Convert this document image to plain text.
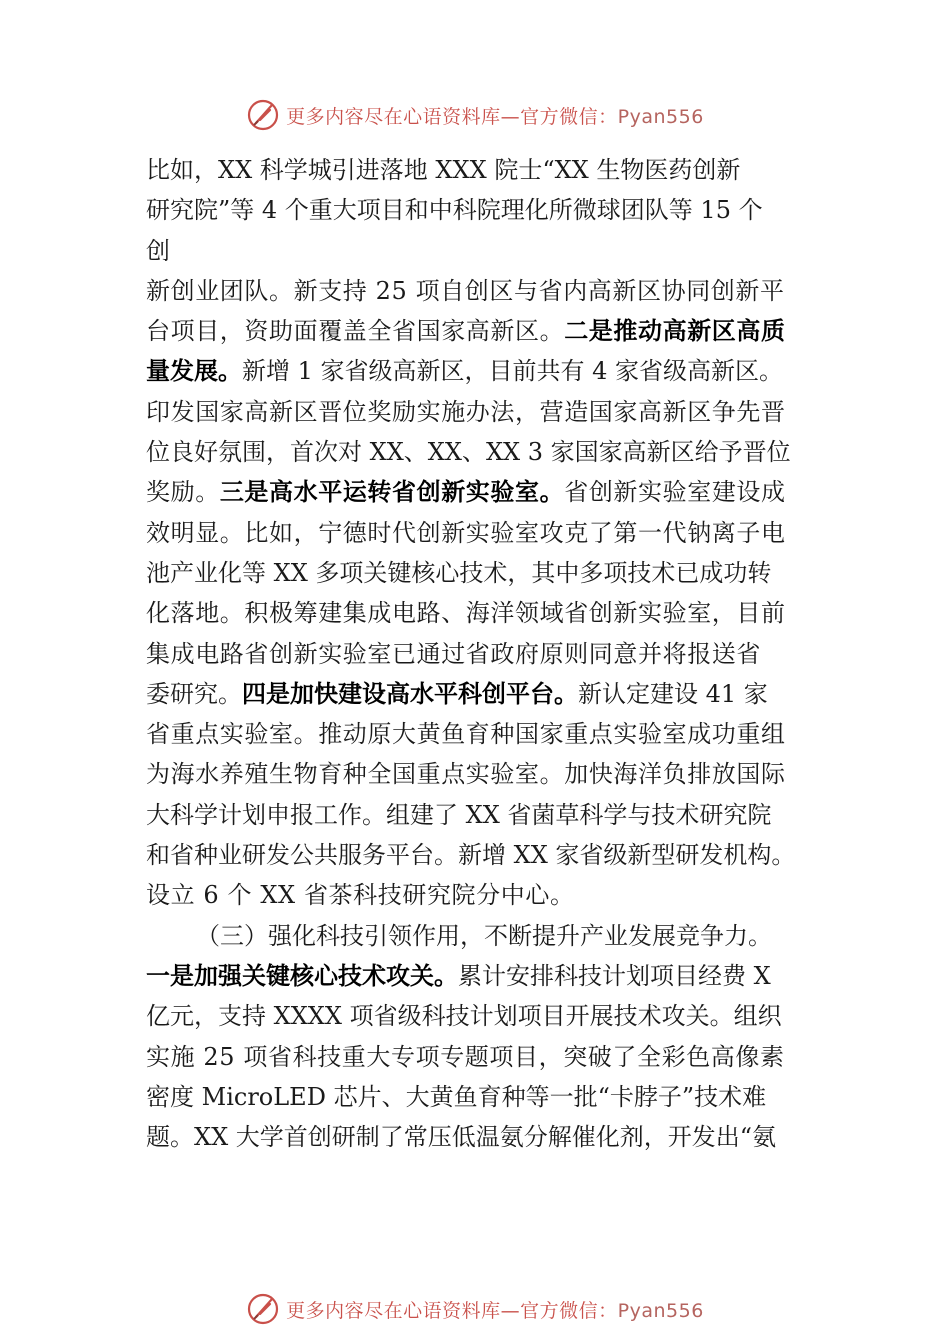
更多内容尽在心语资料库—官方微信：Pyan556
比如，XX 科学城引进落地 XXX 院士“XX 生物医药创新
研究院”等 4 个重大项目和中科院理化所微球团队等 15 个
创
新创业团队。新支持 25 项自创区与省内高新区协同创新平
台项目，资助面覆盖全省国家高新区。二是推动高新区高质
量发展。新增 1 家省级高新区，目前共有 4 家省级高新区。
印发国家高新区晋位奖励实施办法，营造国家高新区争先晋
位良好氛围，首次对 XX、XX、XX 3 家国家高新区给予晋位
奖励。三是高水平运转省创新实验室。省创新实验室建设成
效明显。比如，宁德时代创新实验室攻克了第一代钠离子电
池产业化等 XX 多项关键核心技术，其中多项技术已成功转
化落地。积极筹建集成电路、海洋领域省创新实验室，目前
集成电路省创新实验室已通过省政府原则同意并将报送省
委研究。四是加快建设高水平科创平台。新认定建设 41 家
省重点实验室。推动原大黄鱼育种国家重点实验室成功重组
为海水养殖生物育种全国重点实验室。加快海洋负排放国际
大科学计划申报工作。组建了 XX 省菌草科学与技术研究院
和省种业研发公共服务平台。新增 XX 家省级新型研发机构。
设立 6 个 XX 省茶科技研究院分中心。
（三）强化科技引领作用，不断提升产业发展竞争力。
一是加强关键核心技术攻关。累计安排科技计划项目经费 X
亿元，支持 XXXX 项省级科技计划项目开展技术攻关。组织
实施 25 项省科技重大专项专题项目，突破了全彩色高像素
密度 MicroLED 芯片、大黄鱼育种等一批“卡脖子”技术难
题。XX 大学首创研制了常压低温氨分解催化剂，开发出“氨
更多内容尽在心语资料库—官方微信：Pyan556
